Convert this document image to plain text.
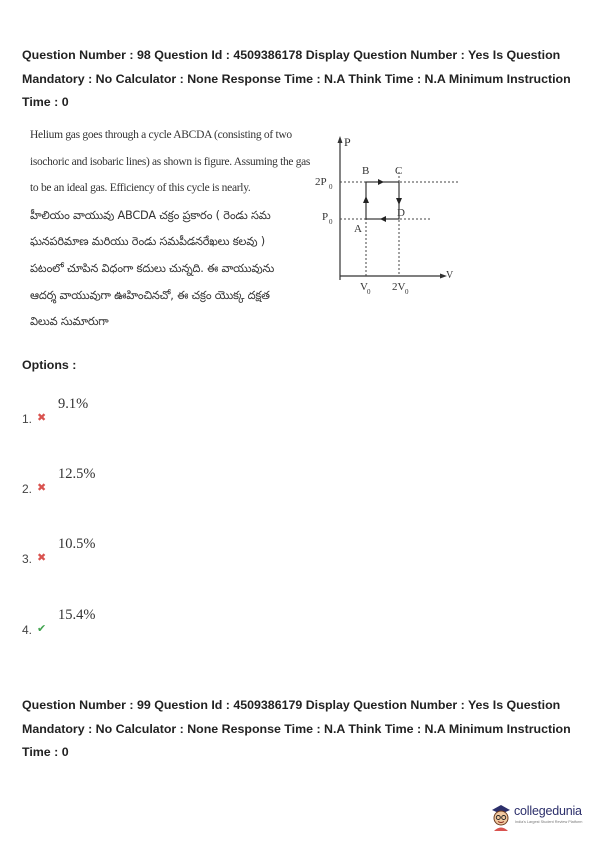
Question Number : 98 Question Id : 4509386178 Display Question Number : Yes Is Question
Mandatory : No Calculator : None Response Time : N.A Think Time : N.A Minimum Instruction
Time : 0
Helium gas goes through a cycle ABCDA (consisting of two
isochoric and isobaric lines) as shown is figure. Assuming the gas
to be an ideal gas. Efficiency of this cycle is nearly.
హీలియం వాయువు ABCDA చక్రం ప్రకారం ( రెండు సమ
ఘనపరిమాణ మరియు రెండు సమపీడనరేఖలు కలవు )
పటంలో చూపిన విధంగా కదులు చున్నది. ఈ వాయువును
ఆదర్శ వాయువుగా ఊహించినచో, ఈ చక్రం యొక్క దక్షత
విలువ సుమారుగా
P
V
B C
A
D
2P 0
P 0
V 0 2V 0
Options :
1. ✖
9.1%
2. ✖
12.5%
3. ✖
10.5%
4. ✔
15.4%
Question Number : 99 Question Id : 4509386179 Display Question Number : Yes Is Question
Mandatory : No Calculator : None Response Time : N.A Think Time : N.A Minimum Instruction
Time : 0
collegedunia
India's Largest Student Review Platform
